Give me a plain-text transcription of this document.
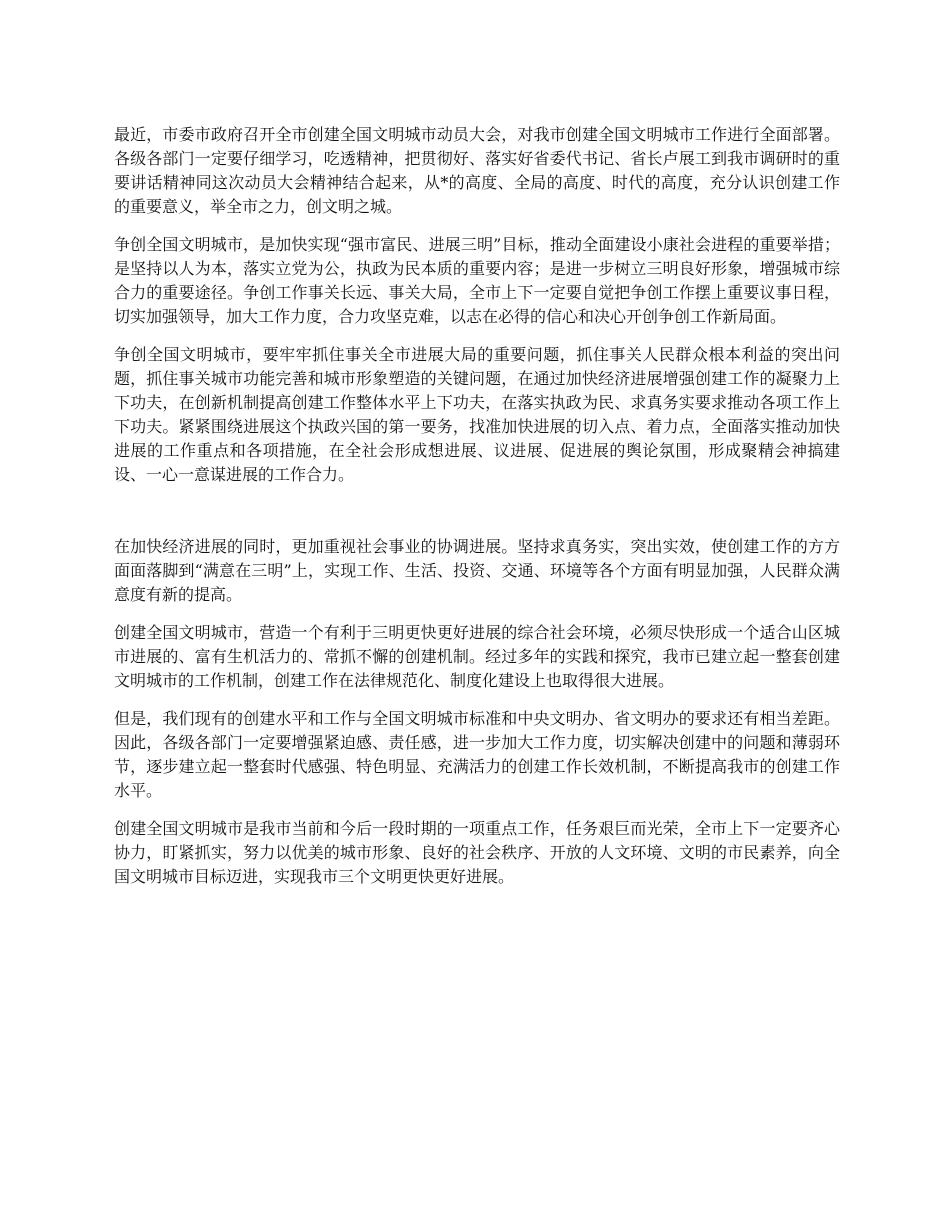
最近，市委市政府召开全市创建全国文明城市动员大会，对我市创建全国文明城市工作进行全面部署。各级各部门一定要仔细学习，吃透精神，把贯彻好、落实好省委代书记、省长卢展工到我市调研时的重要讲话精神同这次动员大会精神结合起来，从*的高度、全局的高度、时代的高度，充分认识创建工作的重要意义，举全市之力，创文明之城。

争创全国文明城市，是加快实现“强市富民、进展三明”目标，推动全面建设小康社会进程的重要举措；是坚持以人为本，落实立党为公，执政为民本质的重要内容；是进一步树立三明良好形象，增强城市综合力的重要途径。争创工作事关长远、事关大局，全市上下一定要自觉把争创工作摆上重要议事日程，切实加强领导，加大工作力度，合力攻坚克难，以志在必得的信心和决心开创争创工作新局面。

争创全国文明城市，要牢牢抓住事关全市进展大局的重要问题，抓住事关人民群众根本利益的突出问题，抓住事关城市功能完善和城市形象塑造的关键问题，在通过加快经济进展增强创建工作的凝聚力上下功夫，在创新机制提高创建工作整体水平上下功夫，在落实执政为民、求真务实要求推动各项工作上下功夫。紧紧围绕进展这个执政兴国的第一要务，找准加快进展的切入点、着力点，全面落实推动加快进展的工作重点和各项措施，在全社会形成想进展、议进展、促进展的舆论氛围，形成聚精会神搞建设、一心一意谋进展的工作合力。

在加快经济进展的同时，更加重视社会事业的协调进展。坚持求真务实，突出实效，使创建工作的方方面面落脚到“满意在三明”上，实现工作、生活、投资、交通、环境等各个方面有明显加强，人民群众满意度有新的提高。

创建全国文明城市，营造一个有利于三明更快更好进展的综合社会环境，必须尽快形成一个适合山区城市进展的、富有生机活力的、常抓不懈的创建机制。经过多年的实践和探究，我市已建立起一整套创建文明城市的工作机制，创建工作在法律规范化、制度化建设上也取得很大进展。

但是，我们现有的创建水平和工作与全国文明城市标准和中央文明办、省文明办的要求还有相当差距。因此，各级各部门一定要增强紧迫感、责任感，进一步加大工作力度，切实解决创建中的问题和薄弱环节，逐步建立起一整套时代感强、特色明显、充满活力的创建工作长效机制，不断提高我市的创建工作水平。

创建全国文明城市是我市当前和今后一段时期的一项重点工作，任务艰巨而光荣，全市上下一定要齐心协力，盯紧抓实，努力以优美的城市形象、良好的社会秩序、开放的人文环境、文明的市民素养，向全国文明城市目标迈进，实现我市三个文明更快更好进展。
